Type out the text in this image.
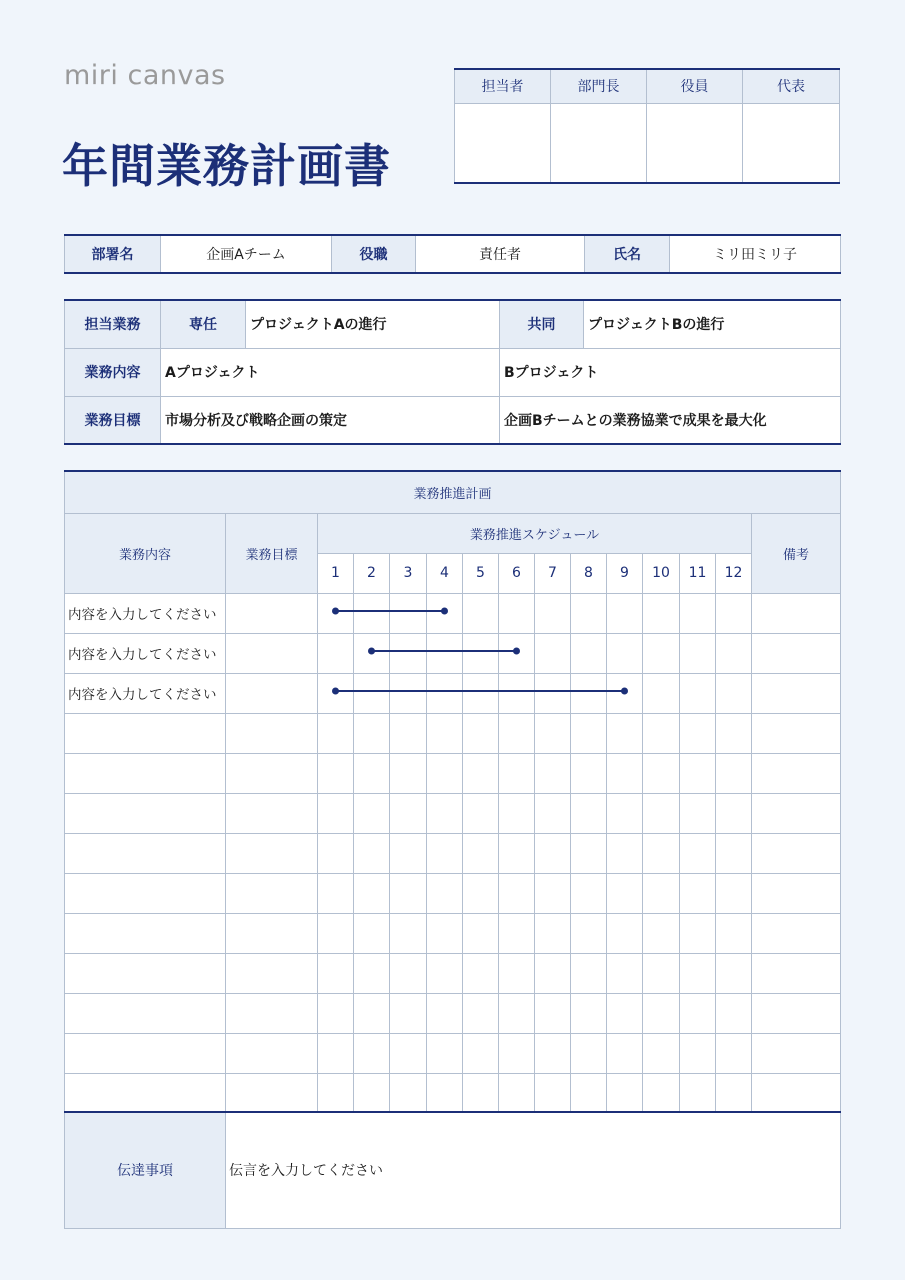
miri canvas
年間業務計画書
担当者	部門長	役員	代表

部署名	企画Aチーム	役職	責任者	氏名	ミリ田ミリ子
担当業務	専任	プロジェクトAの進行	共同	プロジェクトBの進行
業務内容	Aプロジェクト		Bプロジェクト	
業務目標	市場分析及び戦略企画の策定		企画Bチームとの業務協業で成果を最大化	
業務推進計画														
業務内容	業務目標	業務推進スケジュール												備考
		1	2	3	4	5	6	7	8	9	10	11	12	
内容を入力してください														
内容を入力してください														
内容を入力してください														

伝達事項	伝言を入力してください
